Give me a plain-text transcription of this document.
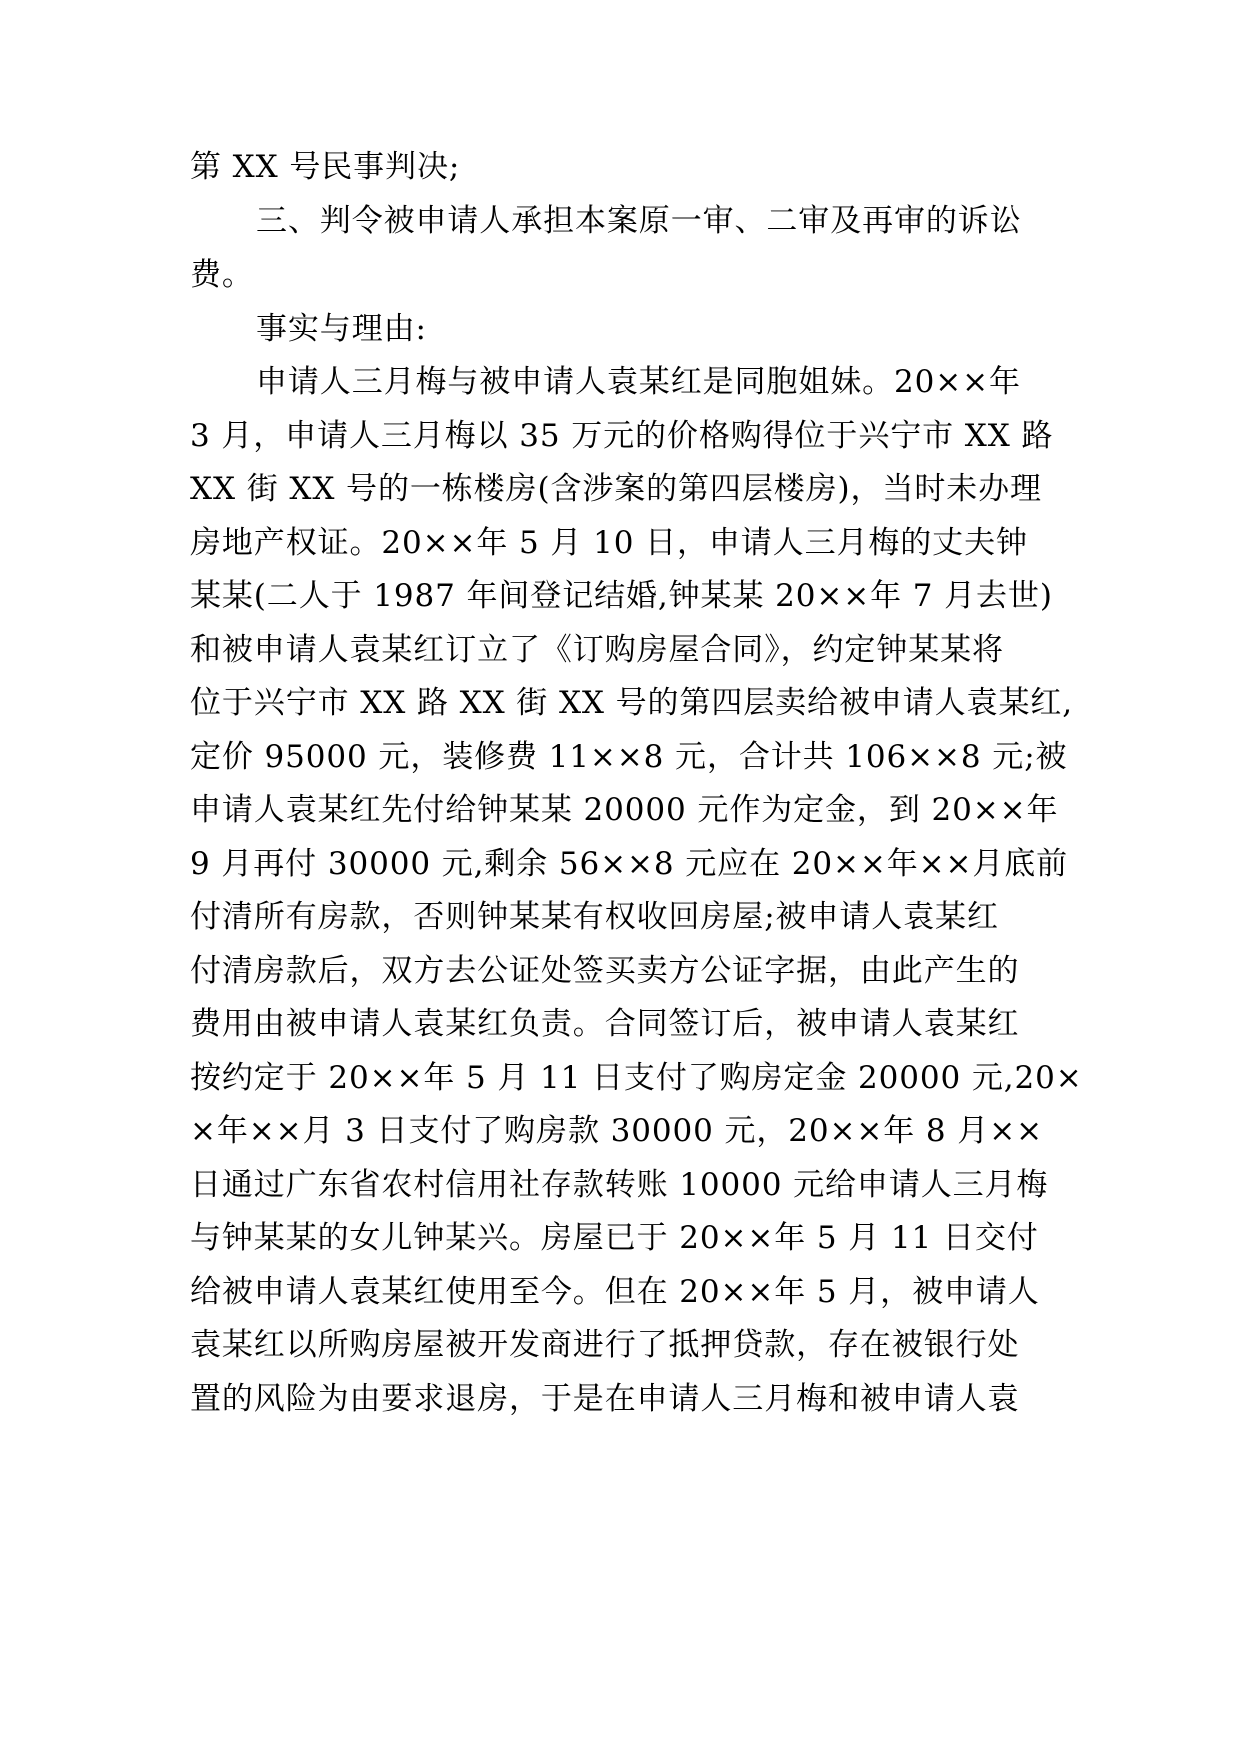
第 XX 号民事判决;
三、判令被申请人承担本案原一审、二审及再审的诉讼
费。
事实与理由:
申请人三月梅与被申请人袁某红是同胞姐妹。20××年
3 月，申请人三月梅以 35 万元的价格购得位于兴宁市 XX 路
XX 街 XX 号的一栋楼房(含涉案的第四层楼房)，当时未办理
房地产权证。20××年 5 月 10 日，申请人三月梅的丈夫钟
某某(二人于 1987 年间登记结婚,钟某某 20××年 7 月去世)
和被申请人袁某红订立了《订购房屋合同》，约定钟某某将
位于兴宁市 XX 路 XX 街 XX 号的第四层卖给被申请人袁某红,
定价 95000 元，装修费 11××8 元，合计共 106××8 元;被
申请人袁某红先付给钟某某 20000 元作为定金，到 20××年
9 月再付 30000 元,剩余 56××8 元应在 20××年××月底前
付清所有房款，否则钟某某有权收回房屋;被申请人袁某红
付清房款后，双方去公证处签买卖方公证字据，由此产生的
费用由被申请人袁某红负责。合同签订后，被申请人袁某红
按约定于 20××年 5 月 11 日支付了购房定金 20000 元,20×
×年××月 3 日支付了购房款 30000 元，20××年 8 月××
日通过广东省农村信用社存款转账 10000 元给申请人三月梅
与钟某某的女儿钟某兴。房屋已于 20××年 5 月 11 日交付
给被申请人袁某红使用至今。但在 20××年 5 月，被申请人
袁某红以所购房屋被开发商进行了抵押贷款，存在被银行处
置的风险为由要求退房，于是在申请人三月梅和被申请人袁
